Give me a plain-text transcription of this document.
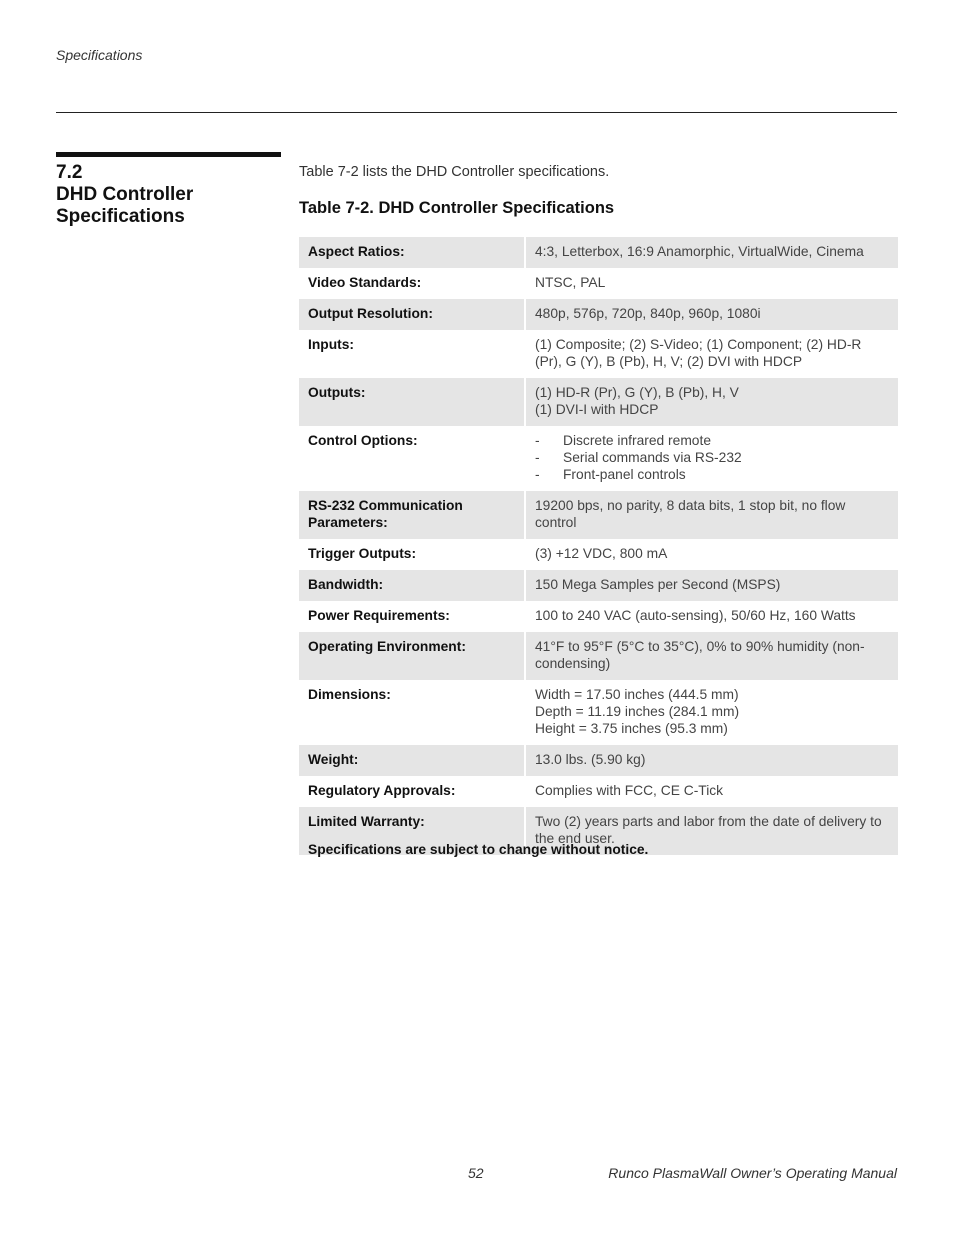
Specifications
7.2
DHD Controller Specifications
Table 7-2 lists the DHD Controller specifications.
Table 7-2. DHD Controller Specifications
Aspect Ratios:	4:3, Letterbox, 16:9 Anamorphic, VirtualWide, Cinema
Video Standards:	NTSC, PAL
Output Resolution:	480p, 576p, 720p, 840p, 960p, 1080i
Inputs:	(1) Composite; (2) S-Video; (1) Component; (2) HD-R (Pr), G (Y), B (Pb), H, V; (2) DVI with HDCP
Outputs:	(1) HD-R (Pr), G (Y), B (Pb), H, V
(1) DVI-I with HDCP
Control Options:	-	Discrete infrared remote
-	Serial commands via RS-232
-	Front-panel controls
RS-232 Communication Parameters:
19200 bps, no parity, 8 data bits, 1 stop bit, no flow control
Trigger Outputs:	(3) +12 VDC, 800 mA
Bandwidth:	150 Mega Samples per Second (MSPS)
Power Requirements:	100 to 240 VAC (auto-sensing), 50/60 Hz, 160 Watts
Operating Environment:	41°F to 95°F (5°C to 35°C), 0% to 90% humidity (non-condensing)
Dimensions:	Width = 17.50 inches (444.5 mm)
Depth = 11.19 inches (284.1 mm)
Height = 3.75 inches (95.3 mm)
Weight:	13.0 lbs. (5.90 kg)
Regulatory Approvals:	Complies with FCC, CE C-Tick
Limited Warranty:	Two (2) years parts and labor from the date of delivery to the end user.
Specifications are subject to change without notice.
52	Runco PlasmaWall Owner’s Operating Manual
